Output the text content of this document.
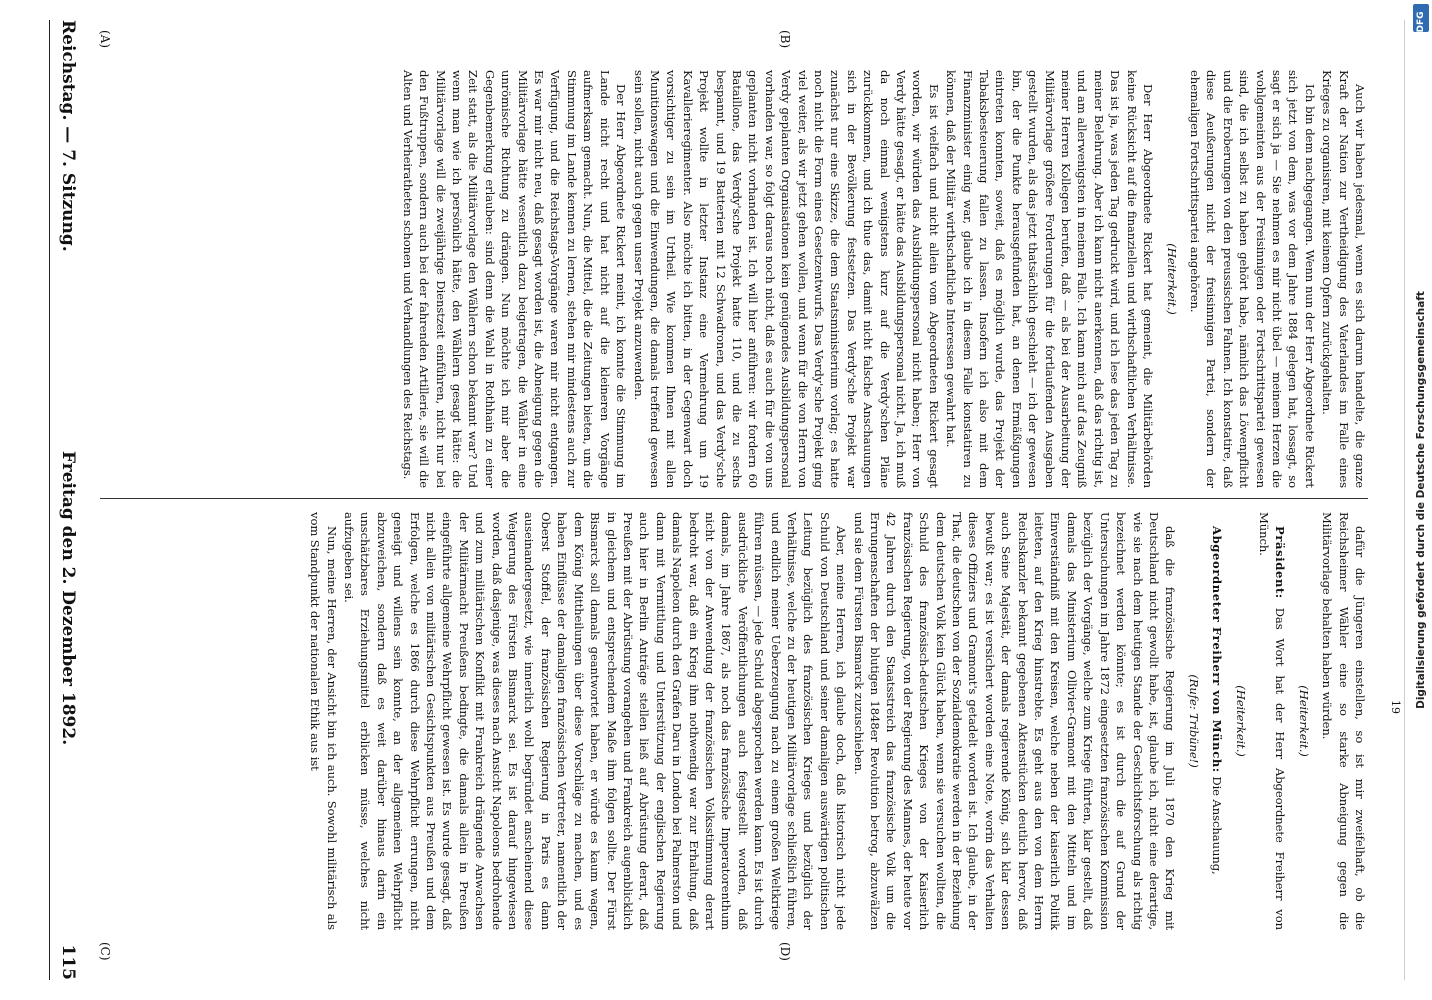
Reichstag. — 7. Sitzung.
Freitag den 2. Dezember 1892.
115
(A)	(B)
(C)	(D)

Auch wir haben jedesmal, wenn es sich darum handelte, die ganze Kraft der Nation zur Vertheidigung des Vaterlandes im Falle eines Krieges zu organisiren, mit keinem Opfern zurückgehalten.

Ich bin dem nachgegangen. Wenn nun der Herr Abgeordnete Rickert sich jetzt von dem, was vor dem Jahre 1884 gelegen hat, lossagt, so sagt er sich ja — Sie nehmen es mir nicht übel — meinem Herzen die wohlgemeinten aus der Freisinnigen oder Fortschrittspartei gewesen sind, die ich selbst zu haben gehört habe, nämlich das Löwenpflicht und die Eroberungen von den preussischen Fahnen. Ich konstatire, daß diese Aeußerungen nicht der freisinnigen Partei, sondern der ehemaligen Fortschrittspartei angehören.

(Heiterkeit.)

Der Herr Abgeordnete Rickert hat gemeint, die Militärbehörden keine Rücksicht auf die finanziellen und wirthschaftlichen Verhältnisse. Das ist ja, was jeden Tag gedruckt wird, und ich lese das jeden Tag zu meiner Belehrung. Aber ich kann nicht anerkennen, daß das richtig ist, und am allerwenigsten in meinem Falle. Ich kann mich auf das Zeugniß meiner Herren Kollegen berufen, daß — als bei der Ausarbeitung der Militärvorlage größere Forderungen für die fortlaufenden Ausgaben gestellt wurden, als das jetzt thatsächlich geschieht — ich der gewesen bin, der die Punkte herausgefunden hat, an denen Ermäßigungen eintreten konnten, soweit, daß es möglich wurde, das Projekt der Tabaksbesteuerung fallen zu lassen. Insofern ich also mit dem Finanzminister einig war, glaube ich in diesem Falle konstatiren zu können, daß der Militär wirthschaftliche Interessen gewahrt hat.

Es ist vielfach und nicht allein vom Abgeordneten Rickert gesagt worden, wir würden das Ausbildungspersonal nicht haben; Herr von Verdy hätte gesagt, er hätte das Ausbildungspersonal nicht. Ja, ich muß da noch einmal wenigstens kurz auf die Verdy'schen Pläne zurückkommen, und ich thue das, damit nicht falsche Anschauungen sich in der Bevölkerung festsetzen. Das Verdy'sche Projekt war zunächst nur eine Skizze, die dem Staatsministerium vorlag; es hatte noch nicht die Form eines Gesetzentwurfs. Das Verdy'sche Projekt ging viel weiter, als wir jetzt gehen wollen, und wenn für die von Herrn von Verdy geplanten Organisationen kein genügendes Ausbildungspersonal vorhanden war, so folgt daraus noch nicht, daß es auch für die von uns geplanten nicht vorhanden ist. Ich will hier anführen: wir fordern 60 Bataillone, das Verdy'sche Projekt hatte 110, und die zu sechs bespannt, und 19 Batterien mit 12 Schwadronen, und das Verdy'sche Projekt wollte in letzter Instanz eine Vermehrung um 19 Kavallerieregimenter. Also möchte ich bitten, in der Gegenwart doch vorsichtiger zu sein im Urtheil. Wie kommen Ihnen mit allen Munitionswagen und die Einwendungen, die damals treffend gewesen sein sollen, nicht auch gegen unser Projekt anzuwenden.

Der Herr Abgeordnete Rickert meint, ich konnte die Stimmung im Lande nicht recht und hat nicht auf die kleineren Vorgänge aufmerksam gemacht. Nun, die Mittel, die die Zeitungen bieten, um die Stimmung im Lande kennen zu lernen, stehen mir mindestens auch zur Verfügung, und die Reichstags-Vorgänge waren mir nicht entgangen. Es war mir nicht neu, daß gesagt worden ist, die Abneigung gegen die Militärvorlage hätte wesentlich dazu beigetragen, die Wähler in eine unrömische Richtung zu drängen. Nun möchte ich mir aber die Gegenbemerkung erlauben: sind denn die Wahl in Rothhain zu einer Zeit statt, als die Militärvorlage den Wählern schon bekannt war? Und wenn man wie ich persönlich hätte, den Wählern gesagt hätte: die Militärvorlage will die zweijährige Dienstzeit einführen, nicht nur bei den Fußtruppen, sondern auch bei der fahrenden Artillerie, sie will die Alten und Verheiratheten schonen und Verhandlungen des Reichstags.

dafür die Jüngeren einstellen, so ist mir zweifelhaft, ob die Reichsheimer Wähler eine so starke Abneigung gegen die Militärvorlage behalten haben würden.

(Heiterkeit.)

Präsident: Das Wort hat der Herr Abgeordnete Freiherr von Münch.

(Heiterkeit.)

Abgeordneter Freiherr von Münch: Die Anschauung,

(Rufe: Tribüne!)

daß die französische Regierung im Juli 1870 den Krieg mit Deutschland nicht gewollt habe, ist, glaube ich, nicht eine derartige, wie sie nach dem heutigen Stande der Geschichtsforschung als richtig bezeichnet werden könnte; es ist durch die auf Grund der Untersuchungen im Jahre 1872 eingesetzten französischen Kommission bezüglich der Vorgänge, welche zum Kriege führten, klar gestellt, daß damals das Ministerium Ollivier-Gramont mit den Mitteln und im Einverständniß mit den Kreisen, welche neben der kaiserlich Politik leiteten, auf den Krieg hinstrebte. Es geht aus den von dem Herrn Reichskanzler bekannt gegebenen Aktenstücken deutlich hervor, daß auch Seine Majestät, der damals regierende König, sich klar dessen bewußt war; es ist versichert worden eine Note, worin das Verhalten dieses Offiziers und Gramont's getadelt worden ist. Ich glaube, in der That, die deutschen von der Sozialdemokratie werden in der Beziehung dem deutschen Volk kein Glück haben, wenn sie versuchen wollten, die Schuld des französisch-deutschen Krieges von der Kaiserlich französischen Regierung, von der Regierung des Mannes, der heute vor 42 Jahren durch den Staatsstreich das französische Volk um die Errungenschaften der blutigen 1848er Revolution betrog, abzuwälzen und sie dem Fürsten Bismarck zuzuschieben.

Aber, meine Herren, ich glaube doch, daß historisch nicht jede Schuld von Deutschland und seiner damaligen auswärtigen politischen Leitung bezüglich des französischen Krieges und bezüglich der Verhältnisse, welche zu der heutigen Militärvorlage schließlich führen, und endlich meiner Ueberzeugung nach zu einem großen Weltkriege führen müssen, — jede Schuld abgesprochen werden kann. Es ist durch ausdrückliche Veröffentlichungen auch festgestellt worden, daß damals, im Jahre 1867, als noch das französische Imperatorenthum nicht von der Anwendung der französischen Volksstimmung derart bedroht war, daß ein Krieg ihm nothwendig war zur Erhaltung, daß damals Napoleon durch den Grafen Daru in London bei Palmerston und dann mit Vermittlung und Unterstützung der englischen Regierung auch hier in Berlin Anträge stellen ließ auf Abrüstung derart, daß Preußen mit der Abrüstung vorangehen und Frankreich augenblicklich in gleichem und entsprechendem Maße ihm folgen sollte. Der Fürst Bismarck soll damals geantwortet haben, er würde es kaum wagen, dem König Mittheilungen über diese Vorschläge zu machen, und es haben Einflüsse der damaligen französischen Vertreter, namentlich der Oberst Stoffel, der französischen Regierung in Paris es dann auseinandergesetzt, wie innerlich wohl begründet anscheinend diese Weigerung des Fürsten Bismarck sei. Es ist darauf hingewiesen worden, daß dasjenige, was dieses nach Ansicht Napoleons bedrohende und zum militärischen Konflikt mit Frankreich drängende Anwachsen der Militärmacht Preußens bedingte, die damals allein in Preußen eingeführte allgemeine Wehrpflicht gewesen ist. Es wurde gesagt, daß nicht allein von militärischen Gesichtspunkten aus Preußen und dem Erfolgen, welche es 1866 durch diese Wehrpflicht errungen, nicht geneigt und willens sein konnte, an der allgemeinen Wehrpflicht abzuweichen, sondern daß es weit darüber hinaus darin ein unschätzbares Erziehungsmittel erblicken müsse, welches nicht aufzugeben sei.

Nun, meine Herren, der Ansicht bin ich auch. Sowohl militärisch als vom Standpunkt der nationalen Ethik aus ist	19
DFG
Digitalisierung gefördert durch die Deutsche Forschungsgemeinschaft
